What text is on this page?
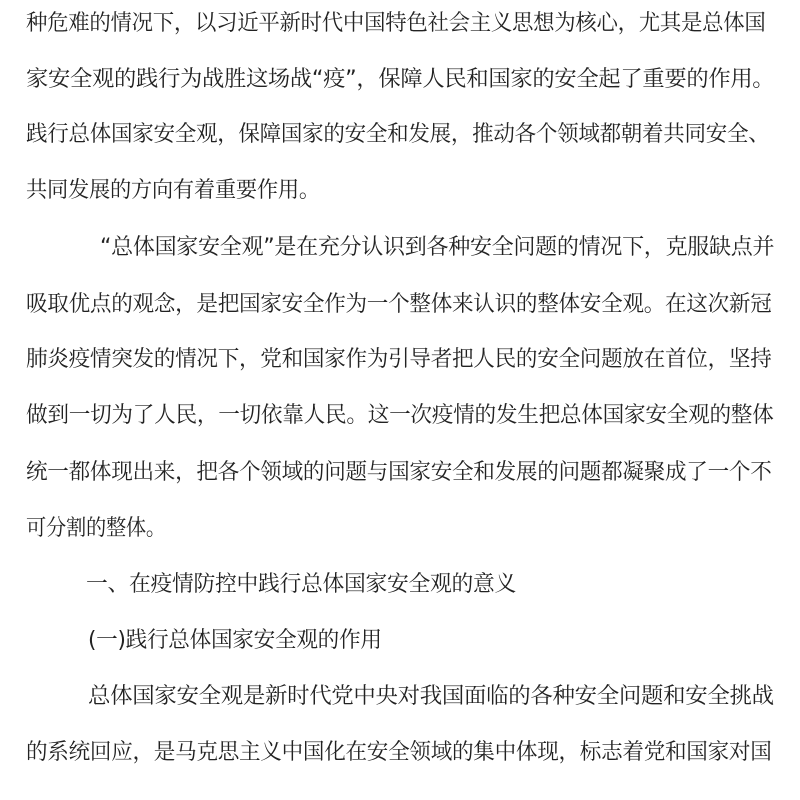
种危难的情况下，以习近平新时代中国特色社会主义思想为核心，尤其是总体国
家安全观的践行为战胜这场战“疫”，保障人民和国家的安全起了重要的作用。
践行总体国家安全观，保障国家的安全和发展，推动各个领域都朝着共同安全、
共同发展的方向有着重要作用。
“总体国家安全观”是在充分认识到各种安全问题的情况下，克服缺点并
吸取优点的观念，是把国家安全作为一个整体来认识的整体安全观。在这次新冠
肺炎疫情突发的情况下，党和国家作为引导者把人民的安全问题放在首位，坚持
做到一切为了人民，一切依靠人民。这一次疫情的发生把总体国家安全观的整体
统一都体现出来，把各个领域的问题与国家安全和发展的问题都凝聚成了一个不
可分割的整体。
一、在疫情防控中践行总体国家安全观的意义
(一)践行总体国家安全观的作用
总体国家安全观是新时代党中央对我国面临的各种安全问题和安全挑战
的系统回应，是马克思主义中国化在安全领域的集中体现，标志着党和国家对国
